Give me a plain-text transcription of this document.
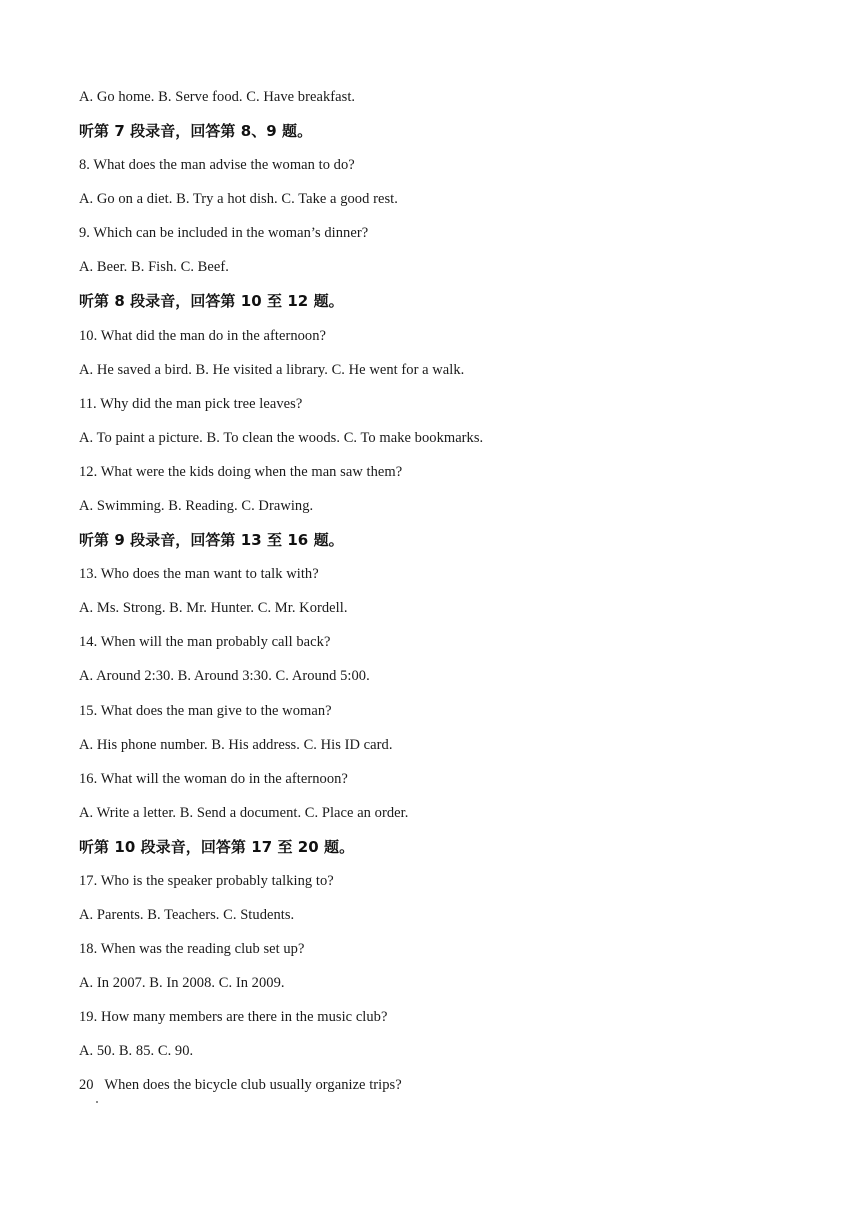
A. Go home. B. Serve food. C. Have breakfast.
听第 7 段录音，回答第 8、9 题。
8. What does the man advise the woman to do?
A. Go on a diet. B. Try a hot dish. C. Take a good rest.
9. Which can be included in the woman’s dinner?
A. Beer. B. Fish. C. Beef.
听第 8 段录音，回答第 10 至 12 题。
10. What did the man do in the afternoon?
A. He saved a bird. B. He visited a library. C. He went for a walk.
11. Why did the man pick tree leaves?
A. To paint a picture. B. To clean the woods. C. To make bookmarks.
12. What were the kids doing when the man saw them?
A. Swimming. B. Reading. C. Drawing.
听第 9 段录音，回答第 13 至 16 题。
13. Who does the man want to talk with?
A. Ms. Strong. B. Mr. Hunter. C. Mr. Kordell.
14. When will the man probably call back?
A. Around 2:30. B. Around 3:30. C. Around 5:00.
15. What does the man give to the woman?
A. His phone number. B. His address. C. His ID card.
16. What will the woman do in the afternoon?
A. Write a letter. B. Send a document. C. Place an order.
听第 10 段录音，回答第 17 至 20 题。
17. Who is the speaker probably talking to?
A. Parents. B. Teachers. C. Students.
18. When was the reading club set up?
A. In 2007. B. In 2008. C. In 2009.
19. How many members are there in the music club?
A. 50. B. 85. C. 90.
20   When does the bicycle club usually organize trips?
